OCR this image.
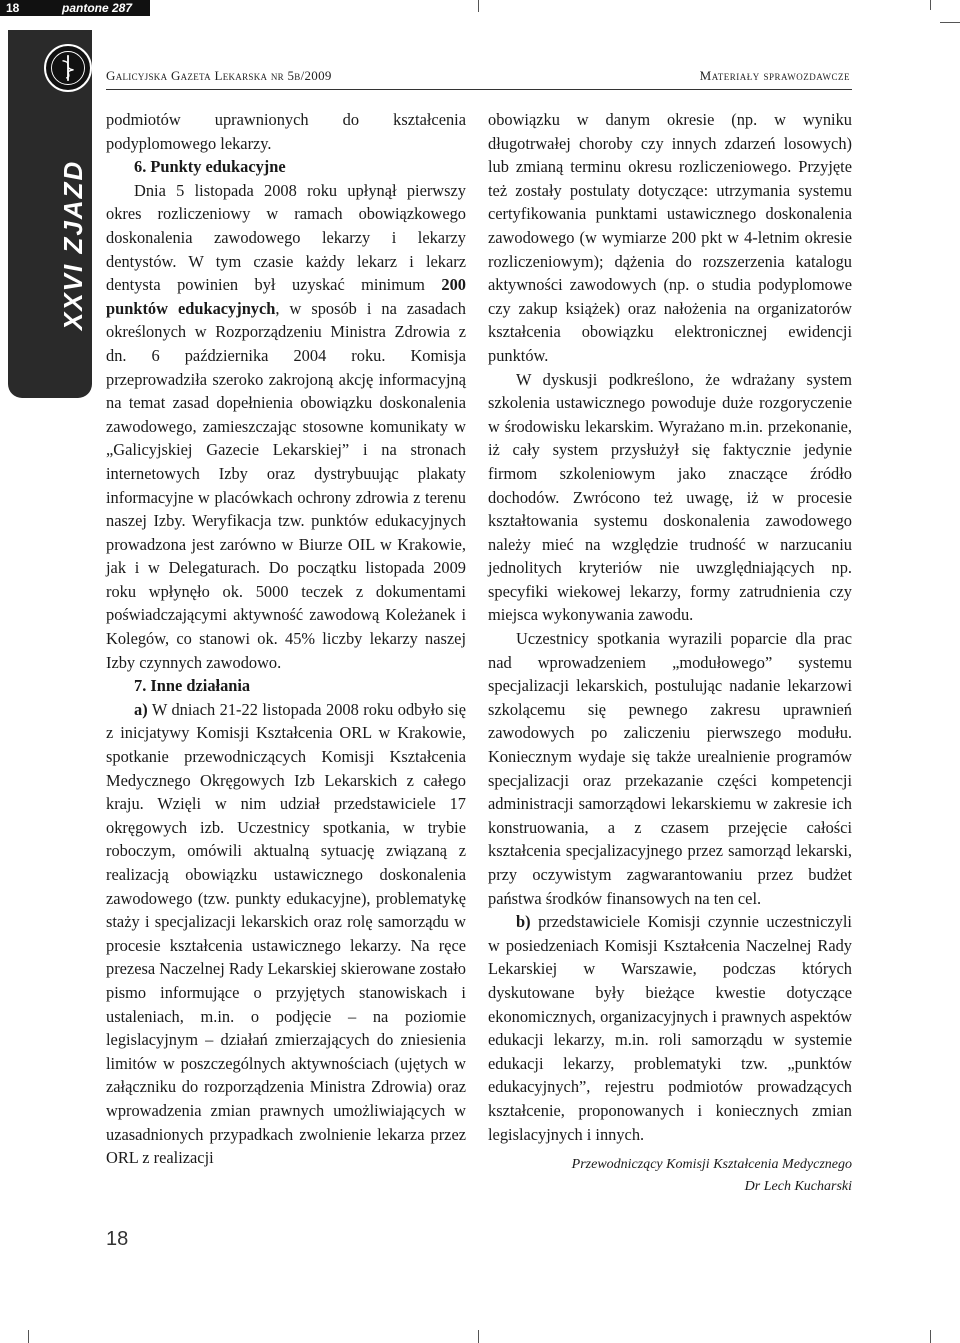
18	pantone 287
XXVI ZJAZD
Galicyjska Gazeta Lekarska nr 5b/2009	Materiały sprawozdawcze

podmiotów uprawnionych do kształcenia podyplomowego lekarzy.

6. Punkty edukacyjne

Dnia 5 listopada 2008 roku upłynął pierwszy okres rozliczeniowy w ramach obowiązkowego doskonalenia zawodowego lekarzy i lekarzy dentystów. W tym czasie każdy lekarz i lekarz dentysta powinien był uzyskać minimum 200 punktów edukacyjnych, w sposób i na zasadach określonych w Rozporządzeniu Ministra Zdrowia z dn. 6 października 2004 roku. Komisja przeprowadziła szeroko zakrojoną akcję informacyjną na temat zasad dopełnienia obowiązku doskonalenia zawodowego, zamieszczając stosowne komunikaty w „Galicyjskiej Gazecie Lekarskiej” i na stronach internetowych Izby oraz dystrybuując plakaty informacyjne w placówkach ochrony zdrowia z terenu naszej Izby. Weryfikacja tzw. punktów edukacyjnych prowadzona jest zarówno w Biurze OIL w Krakowie, jak i w Delegaturach. Do początku listopada 2009 roku wpłynęło ok. 5000 teczek z dokumentami poświadczającymi aktywność zawodową Koleżanek i Kolegów, co stanowi ok. 45% liczby lekarzy naszej Izby czynnych zawodowo.

7. Inne działania

a) W dniach 21-22 listopada 2008 roku odbyło się z inicjatywy Komisji Kształcenia ORL w Krakowie, spotkanie przewodniczących Komisji Kształcenia Medycznego Okręgowych Izb Lekarskich z całego kraju. Wzięli w nim udział przedstawiciele 17 okręgowych izb. Uczestnicy spotkania, w trybie roboczym, omówili aktualną sytuację związaną z realizacją obowiązku ustawicznego doskonalenia zawodowego (tzw. punkty edukacyjne), problematykę staży i specjalizacji lekarskich oraz rolę samorządu w procesie kształcenia ustawicznego lekarzy. Na ręce prezesa Naczelnej Rady Lekarskiej skierowane zostało pismo informujące o przyjętych stanowiskach i ustaleniach, m.in. o podjęcie – na poziomie legislacyjnym – działań zmierzających do zniesienia limitów w poszczególnych aktywnościach (ujętych w załączniku do rozporządzenia Ministra Zdrowia) oraz wprowadzenia zmian prawnych umożliwiających w uzasadnionych przypadkach zwolnienie lekarza przez ORL z realizacji

obowiązku w danym okresie (np. w wyniku długotrwałej choroby czy innych zdarzeń losowych) lub zmianą terminu okresu rozliczeniowego. Przyjęte też zostały postulaty dotyczące: utrzymania systemu certyfikowania punktami ustawicznego doskonalenia zawodowego (w wymiarze 200 pkt w 4-letnim okresie rozliczeniowym); dążenia do rozszerzenia katalogu aktywności zawodowych (np. o studia podyplomowe czy zakup książek) oraz nałożenia na organizatorów kształcenia obowiązku elektronicznej ewidencji punktów.

W dyskusji podkreślono, że wdrażany system szkolenia ustawicznego powoduje duże rozgoryczenie w środowisku lekarskim. Wyrażano m.in. przekonanie, iż cały system przysłużył się faktycznie jedynie firmom szkoleniowym jako znaczące źródło dochodów. Zwrócono też uwagę, iż w procesie kształtowania systemu doskonalenia zawodowego należy mieć na względzie trudność w narzucaniu jednolitych kryteriów nie uwzględniających np. specyfiki wiekowej lekarzy, formy zatrudnienia czy miejsca wykonywania zawodu.

Uczestnicy spotkania wyrazili poparcie dla prac nad wprowadzeniem „modułowego” systemu specjalizacji lekarskich, postulując nadanie lekarzowi szkolącemu się pewnego zakresu uprawnień zawodowych po zaliczeniu pierwszego modułu. Koniecznym wydaje się także urealnienie programów specjalizacji oraz przekazanie części kompetencji administracji samorządowi lekarskiemu w zakresie ich konstruowania, a z czasem przejęcie całości kształcenia specjalizacyjnego przez samorząd lekarski, przy oczywistym zagwarantowaniu przez budżet państwa środków finansowych na ten cel.

b) przedstawiciele Komisji czynnie uczestniczyli w posiedzeniach Komisji Kształcenia Naczelnej Rady Lekarskiej w Warszawie, podczas których dyskutowane były bieżące kwestie dotyczące ekonomicznych, organizacyjnych i prawnych aspektów edukacji lekarzy, m.in. roli samorządu w systemie edukacji lekarzy, problematyki tzw. „punktów edukacyjnych”, rejestru podmiotów prowadzących kształcenie, proponowanych i koniecznych zmian legislacyjnych i innych.

Przewodniczący Komisji Kształcenia Medycznego
Dr Lech Kucharski
18
